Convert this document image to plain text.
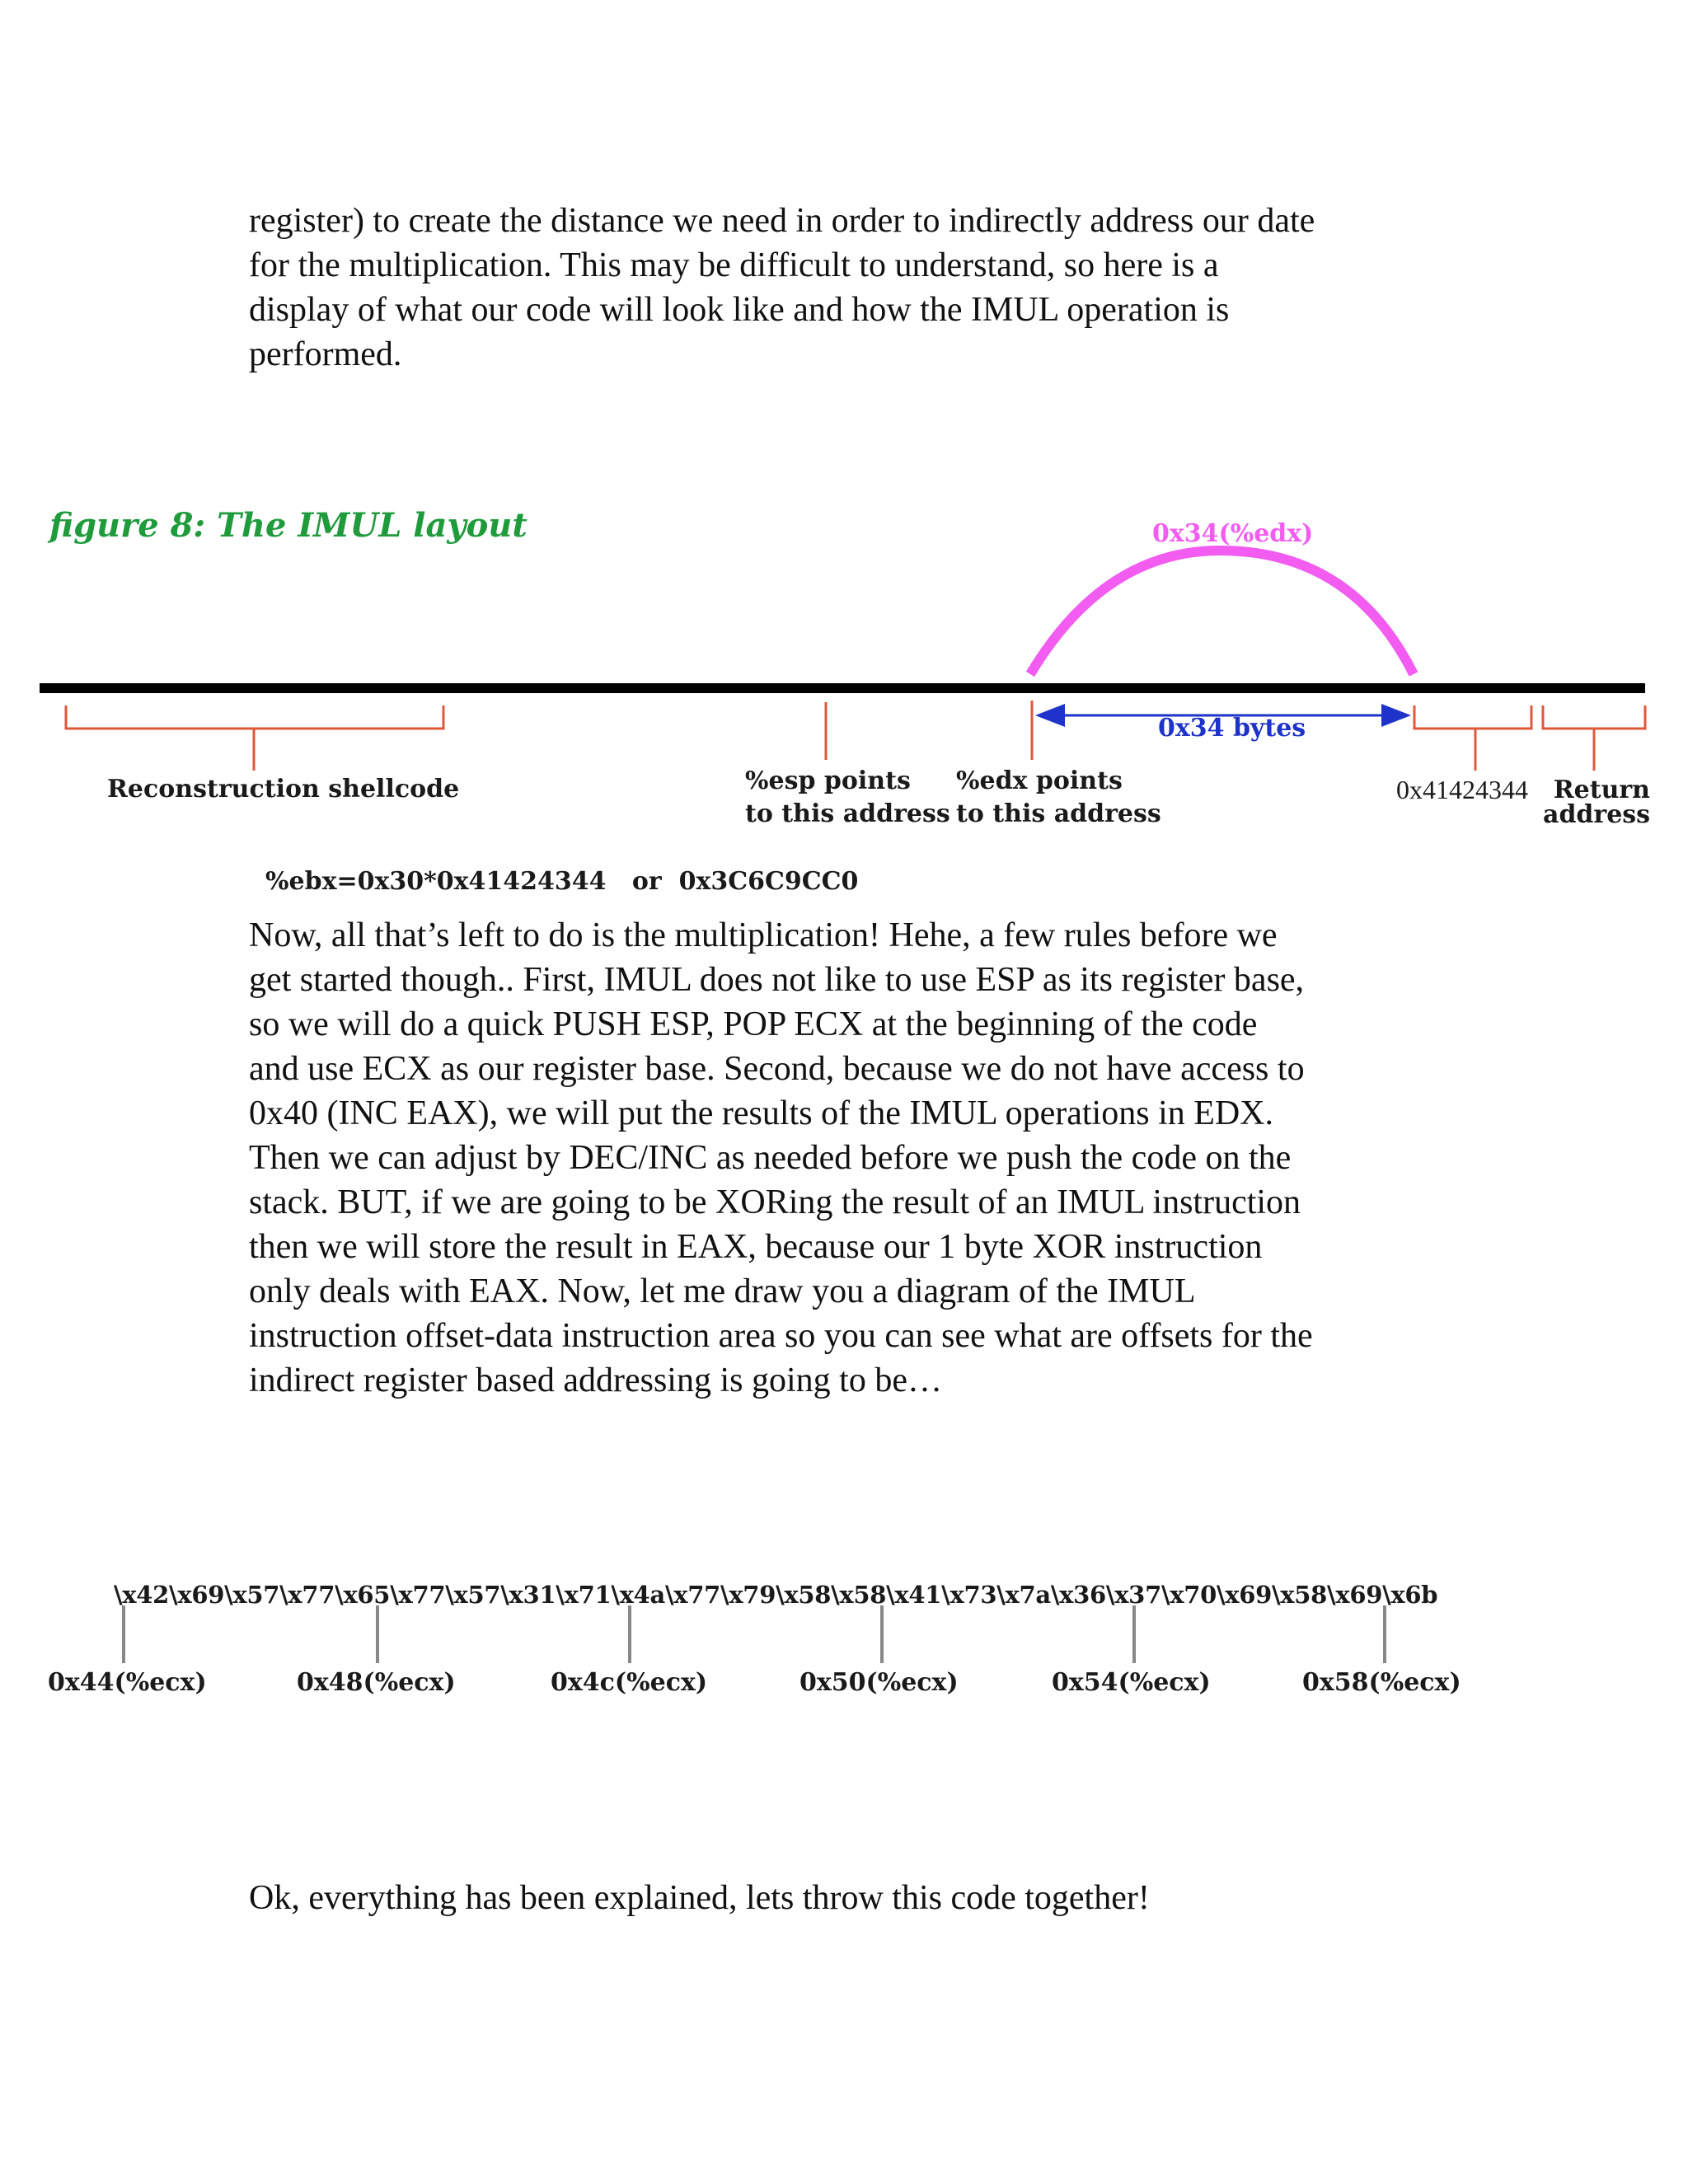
register) to create the distance we need in order to indirectly address our date
for the multiplication. This may be difficult to understand, so here is a
display of what our code will look like and how the IMUL operation is
performed.

figure 8: The IMUL layout	0x34(%edx)
0x34 bytes
Reconstruction shellcode	%esp points
to this address
%edx points
to this address
0x41424344	Return
address
%ebx=0x30*0x41424344   or  0x3C6C9CC0

Now, all that’s left to do is the multiplication! Hehe, a few rules before we
get started though.. First, IMUL does not like to use ESP as its register base,
so we will do a quick PUSH ESP, POP ECX at the beginning of the code
and use ECX as our register base. Second, because we do not have access to
0x40 (INC EAX), we will put the results of the IMUL operations in EDX.
Then we can adjust by DEC/INC as needed before we push the code on the
stack. BUT, if we are going to be XORing the result of an IMUL instruction
then we will store the result in EAX, because our 1 byte XOR instruction
only deals with EAX. Now, let me draw you a diagram of the IMUL
instruction offset-data instruction area so you can see what are offsets for the
indirect register based addressing is going to be…

\x42\x69\x57\x77\x65\x77\x57\x31\x71\x4a\x77\x79\x58\x58\x41\x73\x7a\x36\x37\x70\x69\x58\x69\x6b
0x44(%ecx)	0x48(%ecx)	0x4c(%ecx)	0x50(%ecx)	0x54(%ecx)	0x58(%ecx)

Ok, everything has been explained, lets throw this code together!
